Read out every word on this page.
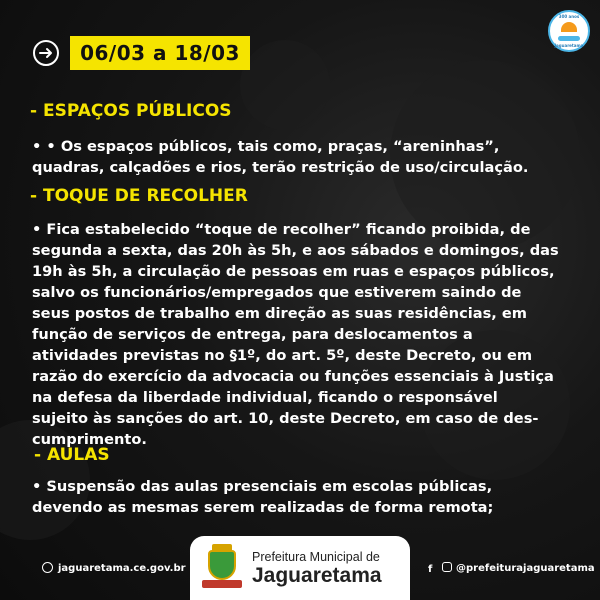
06/03 a 18/03
300 anos
Jaguaretama
- ESPAÇOS PÚBLICOS
• • Os espaços públicos, tais como, praças, “areninhas”,
quadras, calçadões e rios, terão restrição de uso/circulação.
- TOQUE DE RECOLHER
• Fica estabelecido “toque de recolher” ficando proibida, de
segunda a sexta, das 20h às 5h, e aos sábados e domingos, das
19h às 5h, a circulação de pessoas em ruas e espaços públicos,
salvo os funcionários/empregados que estiverem saindo de
seus postos de trabalho em direção as suas residências, em
função de serviços de entrega, para deslocamentos a
atividades previstas no §1º, do art. 5º, deste Decreto, ou em
razão do exercício da advocacia ou funções essenciais à Justiça
na defesa da liberdade individual, ficando o responsável
sujeito às sanções do art. 10, deste Decreto, em caso de des-
cumprimento.
- AULAS
• Suspensão das aulas presenciais em escolas públicas,
devendo as mesmas serem realizadas de forma remota;
jaguaretama.ce.gov.br
Prefeitura Municipal de
Jaguaretama	f @prefeiturajaguaretama
